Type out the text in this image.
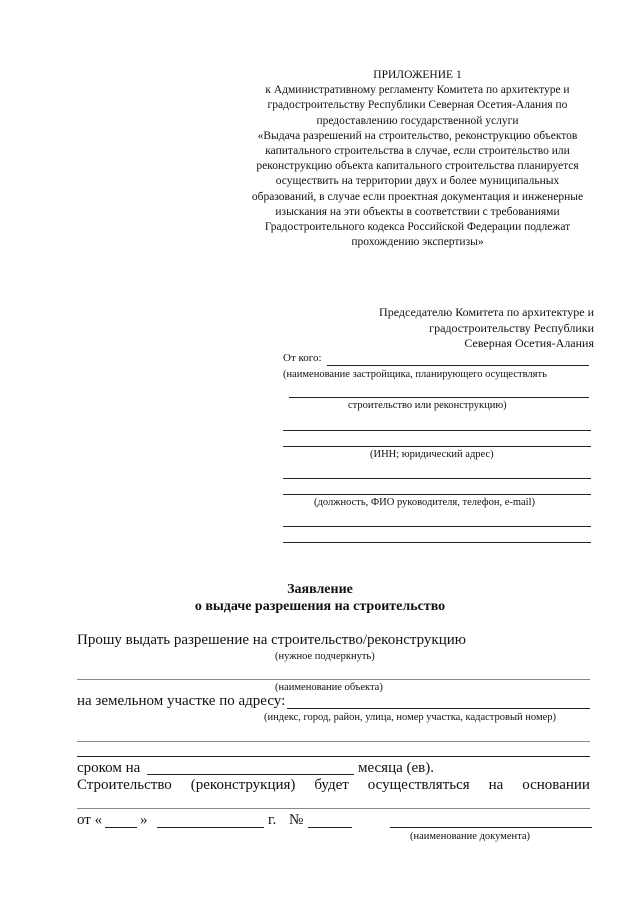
ПРИЛОЖЕНИЕ 1
к Административному регламенту Комитета по архитектуре и
градостроительству Республики Северная Осетия-Алания по
предоставлению государственной услуги
«Выдача разрешений на строительство, реконструкцию объектов
капитального строительства в случае, если строительство или
реконструкцию объекта капитального строительства планируется
осуществить на территории двух и более муниципальных
образований, в случае если проектная документация и инженерные
изыскания на эти объекты в соответствии с требованиями
Градостроительного кодекса Российской Федерации подлежат
прохождению экспертизы»
Председателю Комитета по архитектуре и
градостроительству Республики
Северная Осетия-Алания
От кого:
(наименование застройщика, планирующего осуществлять
строительство или реконструкцию)
(ИНН; юридический адрес)
(должность, ФИО руководителя, телефон, e-mail)
Заявление
о выдаче разрешения на строительство
Прошу выдать разрешение на строительство/реконструкцию
(нужное подчеркнуть)
(наименование объекта)
на земельном участке по адресу:
(индекс, город, район, улица, номер участка, кадастровый номер)
сроком на	месяца (ев).
Строительство (реконструкция) будет осуществляться на основании
от «	»	г. №
(наименование документа)
